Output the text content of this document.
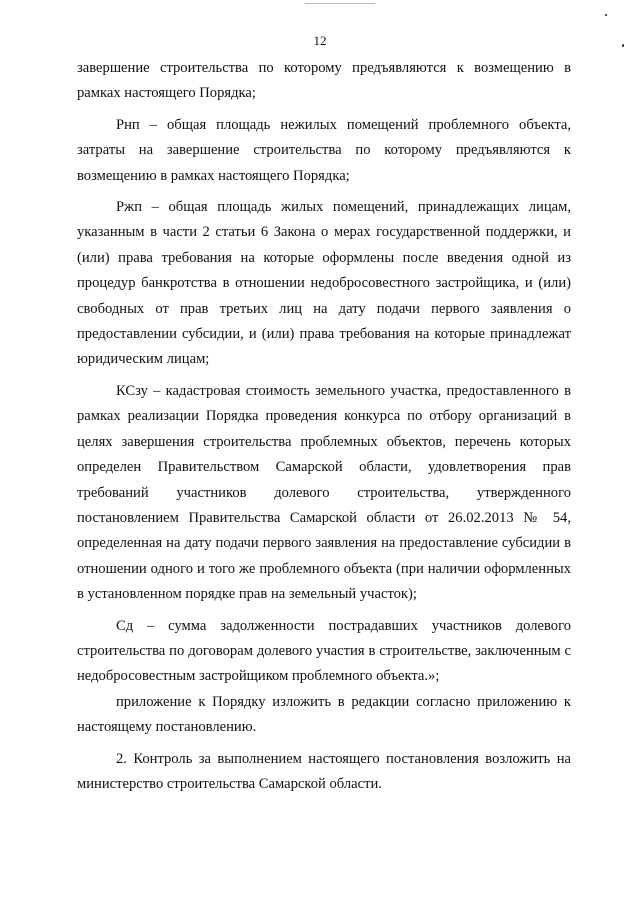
12

завершение строительства по которому предъявляются к возмещению в рамках настоящего Порядка;

Рнп – общая площадь нежилых помещений проблемного объекта, затраты на завершение строительства по которому предъявляются к возмещению в рамках настоящего Порядка;

Ржп – общая площадь жилых помещений, принадлежащих лицам, указанным в части 2 статьи 6 Закона о мерах государственной поддержки, и (или) права требования на которые оформлены после введения одной из процедур банкротства в отношении недобросовестного застройщика, и (или) свободных от прав третьих лиц на дату подачи первого заявления о предоставлении субсидии, и (или) права требования на которые принадлежат юридическим лицам;

КСзу – кадастровая стоимость земельного участка, предоставленного в рамках реализации Порядка проведения конкурса по отбору организаций в целях завершения строительства проблемных объектов, перечень которых определен Правительством Самарской области, удовлетворения прав требований участников долевого строительства, утвержденного постановлением Правительства Самарской области от 26.02.2013 № 54, определенная на дату подачи первого заявления на предоставление субсидии в отношении одного и того же проблемного объекта (при наличии оформленных в установленном порядке прав на земельный участок);

Сд – сумма задолженности пострадавших участников долевого строительства по договорам долевого участия в строительстве, заключенным с недобросовестным застройщиком проблемного объекта.»;

приложение к Порядку изложить в редакции согласно приложению к настоящему постановлению.

2. Контроль за выполнением настоящего постановления возложить на министерство строительства Самарской области.
